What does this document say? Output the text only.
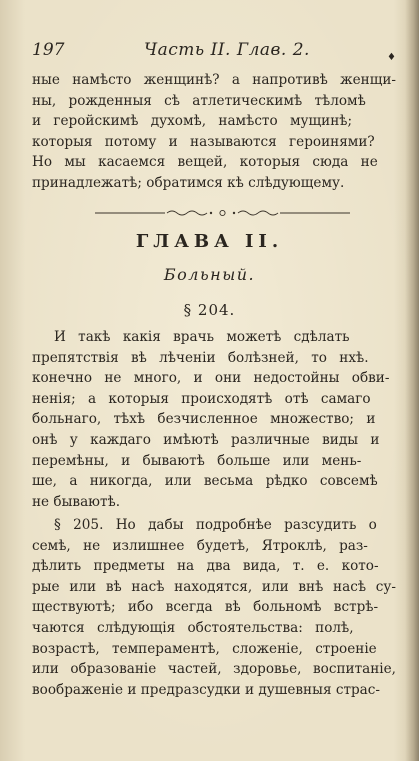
197	Часть II. Глав. 2.	♦
ные намѣсто женщинѣ? а напротивѣ женщи-
ны, рожденныя сѣ атлетическимѣ тѣломѣ
и геройскимѣ духомѣ, намѣсто мущинѣ;
которыя потому и называются героинями?
Но мы касаемся вещей, которыя сюда не
принадлежатѣ; обратимся кѣ слѣдующему.
ГЛАВА II.
Больный.
§ 204.
И такѣ какія врачь можетѣ сдѣлать
препятствія вѣ лѣченіи болѣзней, то нхѣ.
конечно не много, и они недостойны обви-
ненія; а которыя происходятѣ отѣ самаго
больнаго, тѣхѣ безчисленное множество; и
онѣ у каждаго имѣютѣ различные виды и
перемѣны, и бываютѣ больше или мень-
ше, а никогда, или весьма рѣдко совсемѣ
не бываютѣ.
§ 205. Но дабы подробнѣе разсудить о
семѣ, не излишнее будетѣ, Ятроклѣ, раз-
дѣлить предметы на два вида, т. е. кото-
рые или вѣ насѣ находятся, или внѣ насѣ су-
ществуютѣ; ибо всегда вѣ больномѣ встрѣ-
чаются слѣдующія обстоятельства: полѣ,
возрастѣ, темпераментѣ, сложеніе, строеніе
или образованіе частей, здоровье, воспитаніе,
воображеніе и предразсудки и душевныя страс-
